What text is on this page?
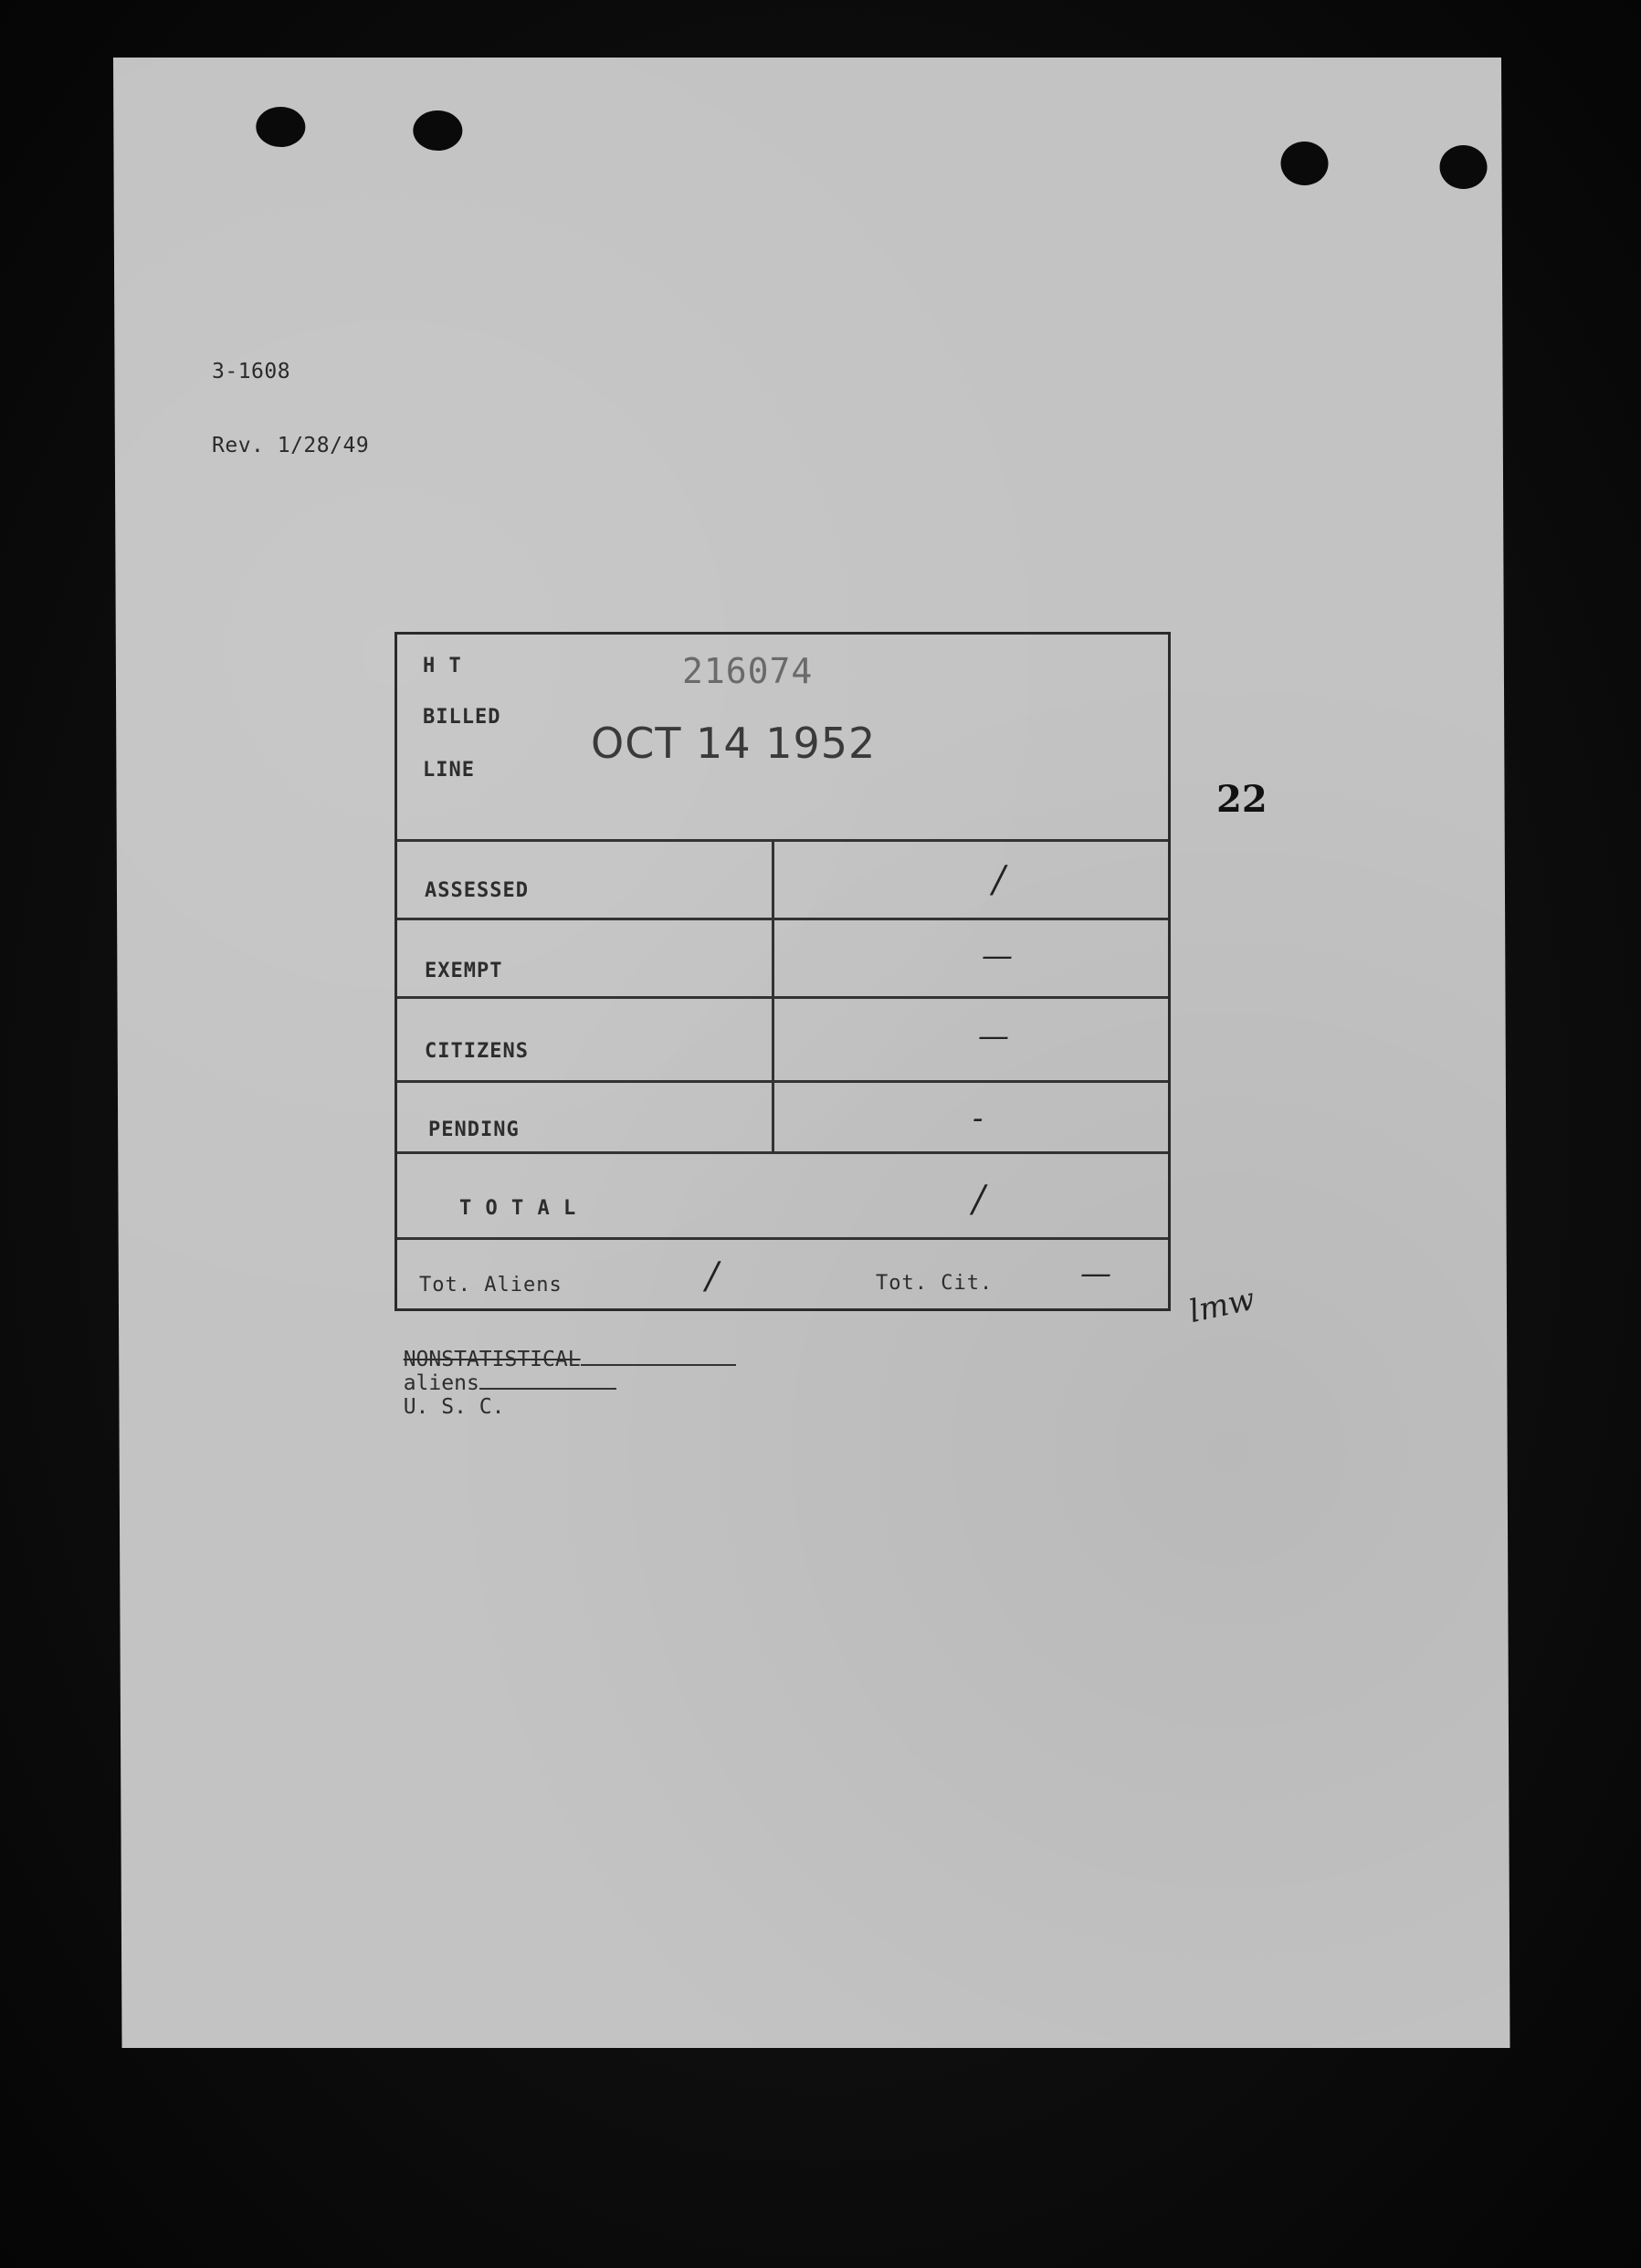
3-1608

Rev. 1/28/49

H T
BILLED
LINE
216074
OCT 14 1952
ASSESSED	/
EXEMPT	—
CITIZENS	—
PENDING	-
T O T A L	/
Tot. Aliens	/	Tot. Cit.	—
22
lmw

NONSTATISTICAL
aliens
U. S. C.
